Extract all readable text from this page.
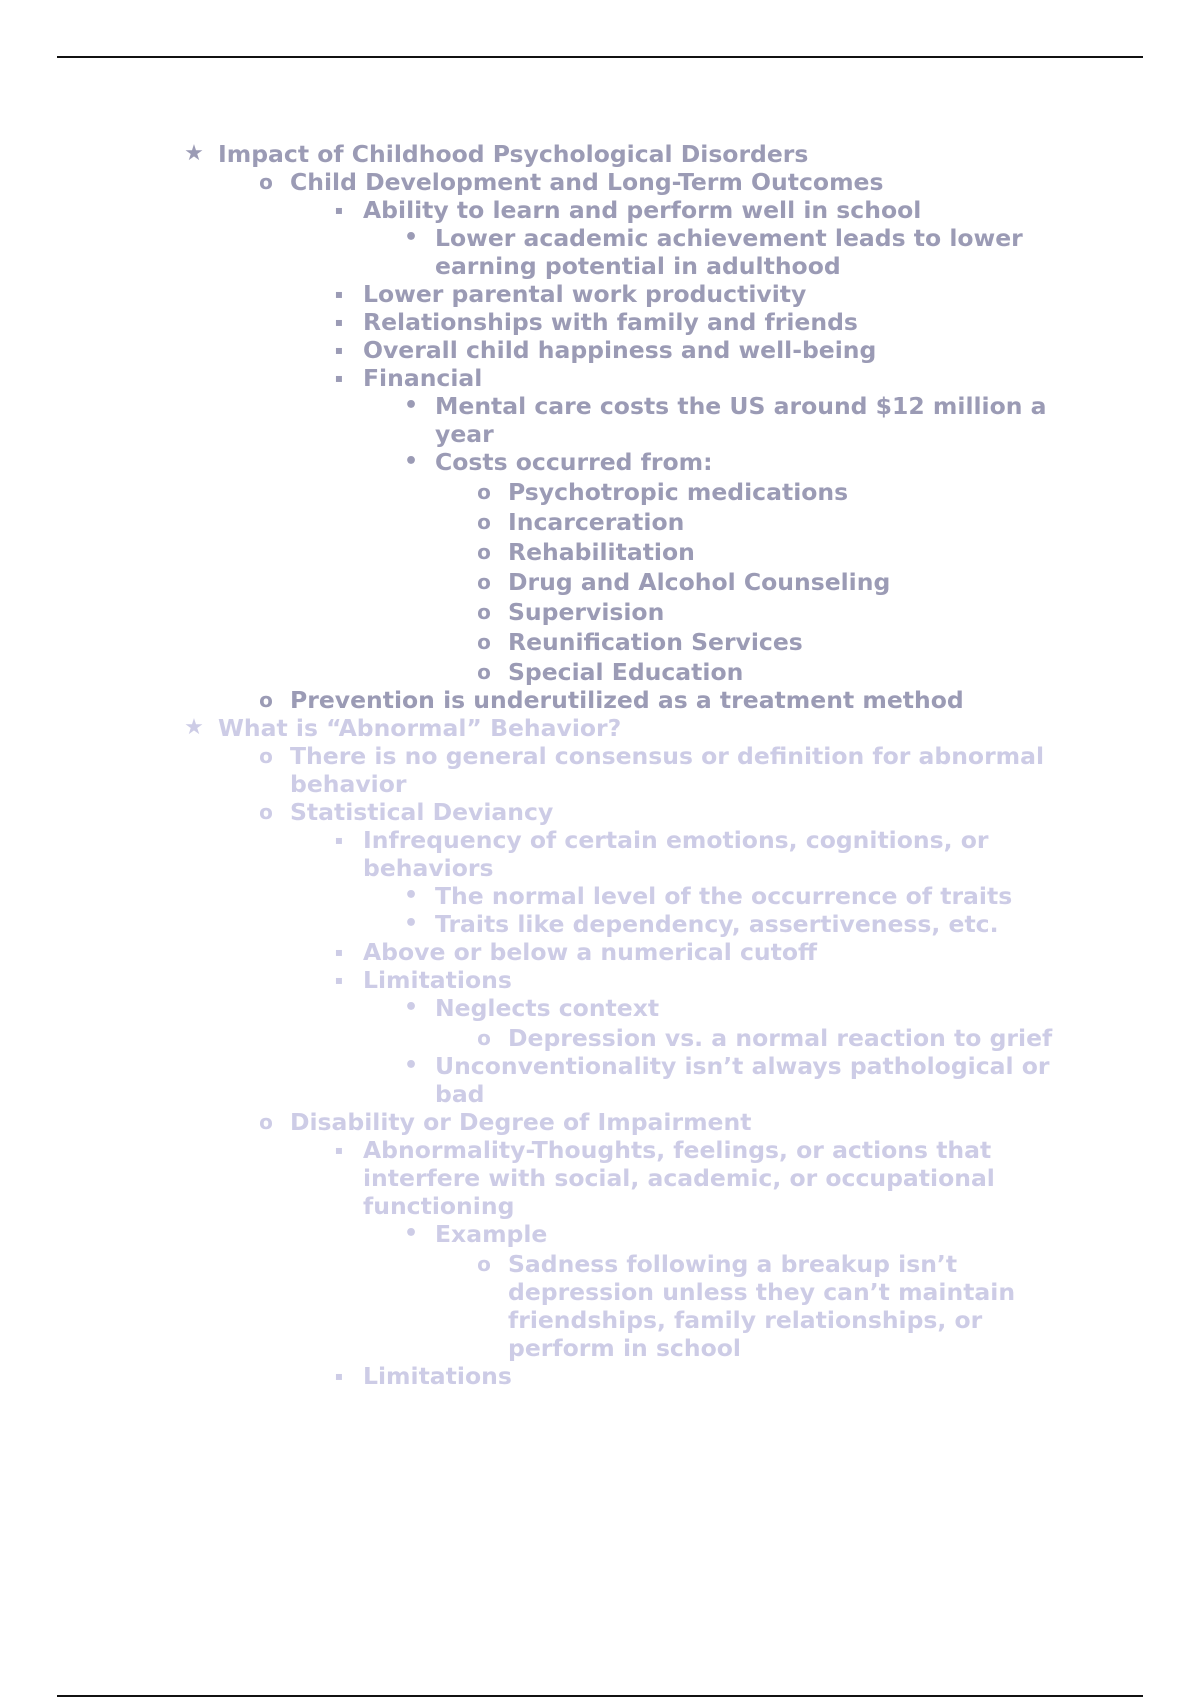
★ Impact of Childhood Psychological Disorders
o Child Development and Long-Term Outcomes
▪ Ability to learn and perform well in school
• Lower academic achievement leads to lower earning potential in adulthood
▪ Lower parental work productivity
▪ Relationships with family and friends
▪ Overall child happiness and well-being
▪ Financial
• Mental care costs the US around $12 million a year
• Costs occurred from:
o Psychotropic medications
o Incarceration
o Rehabilitation
o Drug and Alcohol Counseling
o Supervision
o Reunification Services
o Special Education
o Prevention is underutilized as a treatment method
★ What is “Abnormal” Behavior?
o There is no general consensus or definition for abnormal behavior
o Statistical Deviancy
▪ Infrequency of certain emotions, cognitions, or behaviors
• The normal level of the occurrence of traits
• Traits like dependency, assertiveness, etc.
▪ Above or below a numerical cutoff
▪ Limitations
• Neglects context
o Depression vs. a normal reaction to grief
• Unconventionality isn’t always pathological or bad
o Disability or Degree of Impairment
▪ Abnormality-Thoughts, feelings, or actions that interfere with social, academic, or occupational functioning
• Example
o Sadness following a breakup isn’t depression unless they can’t maintain friendships, family relationships, or perform in school
▪ Limitations
